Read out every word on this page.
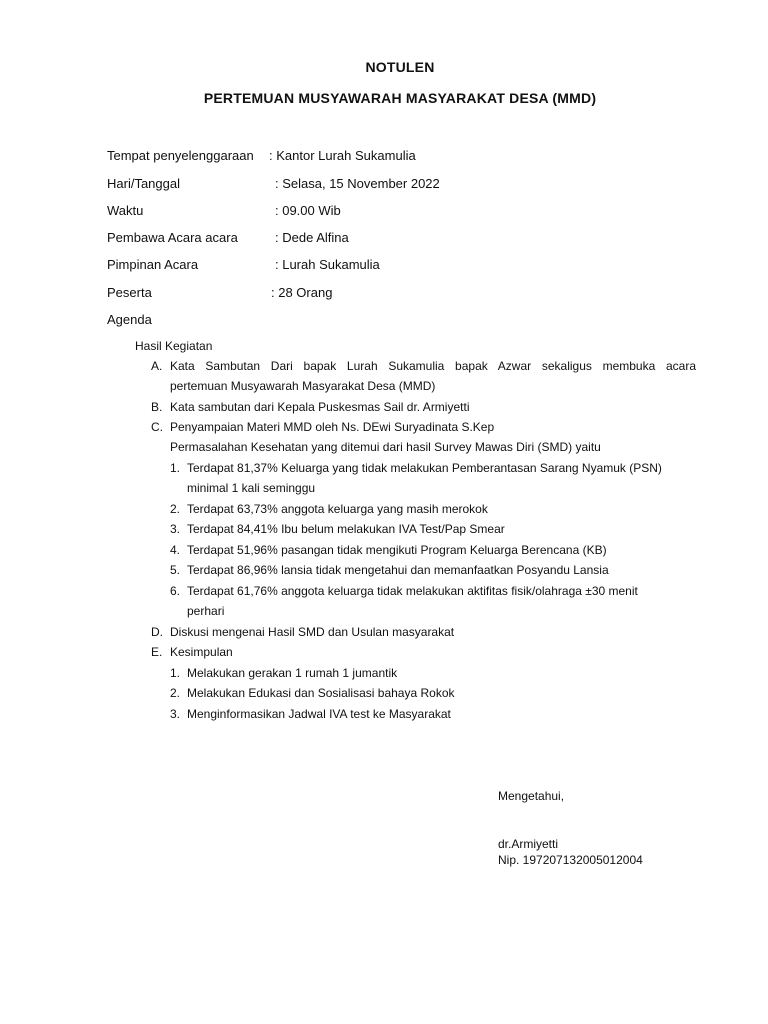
NOTULEN
PERTEMUAN MUSYAWARAH MASYARAKAT DESA (MMD)
Tempat penyelenggaraan : Kantor Lurah Sukamulia
Hari/Tanggal	: Selasa, 15 November 2022
Waktu	: 09.00 Wib
Pembawa Acara acara	: Dede Alfina
Pimpinan Acara	: Lurah Sukamulia
Peserta	: 28 Orang
Agenda
Hasil Kegiatan
A. Kata Sambutan Dari bapak Lurah Sukamulia bapak Azwar sekaligus membuka acara
pertemuan Musyawarah Masyarakat Desa (MMD)
B. Kata sambutan dari Kepala Puskesmas Sail dr. Armiyetti
C. Penyampaian Materi MMD oleh Ns. DEwi Suryadinata S.Kep
Permasalahan Kesehatan yang ditemui dari hasil Survey Mawas Diri (SMD) yaitu
1. Terdapat 81,37% Keluarga yang tidak melakukan Pemberantasan Sarang Nyamuk (PSN)
minimal 1 kali seminggu
2. Terdapat 63,73% anggota keluarga yang masih merokok
3. Terdapat 84,41% Ibu belum melakukan IVA Test/Pap Smear
4. Terdapat 51,96% pasangan tidak mengikuti Program Keluarga Berencana (KB)
5. Terdapat 86,96% lansia tidak mengetahui dan memanfaatkan Posyandu Lansia
6. Terdapat 61,76% anggota keluarga tidak melakukan aktifitas fisik/olahraga ±30 menit
perhari
D. Diskusi mengenai Hasil SMD dan Usulan masyarakat
E. Kesimpulan
1. Melakukan gerakan 1 rumah 1 jumantik
2. Melakukan Edukasi dan Sosialisasi bahaya Rokok
3. Menginformasikan Jadwal IVA test ke Masyarakat
Mengetahui,
dr.Armiyetti
Nip. 197207132005012004
